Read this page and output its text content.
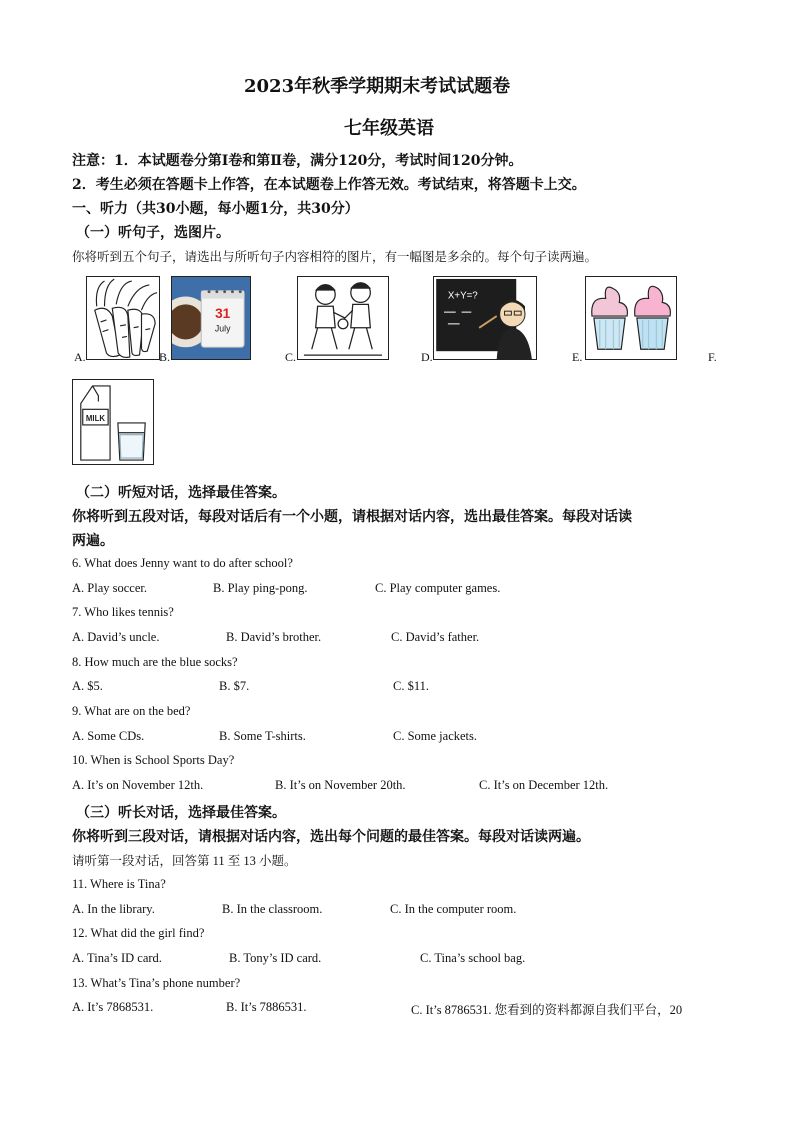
2023年秋季学期期末考试试题卷
七年级英语
注意：1．本试题卷分第Ⅰ卷和第Ⅱ卷，满分120分，考试时间120分钟。
2．考生必须在答题卡上作答，在本试题卷上作答无效。考试结束，将答题卡上交。
一、听力（共30小题，每小题1分，共30分）
（一）听句子，选图片。
你将听到五个句子，请选出与所听句子内容相符的图片，有一幅图是多余的。每个句子读两遍。
A.
31
July
B.	C.
X+Y=?
D.	E.	F.
MILK
（二）听短对话，选择最佳答案。
你将听到五段对话，每段对话后有一个小题，请根据对话内容，选出最佳答案。每段对话读
两遍。
6. What does Jenny want to do after school?
A. Play soccer.	B. Play ping-pong.	C. Play computer games.
7. Who likes tennis?
A. David’s uncle.	B. David’s brother.	C. David’s father.
8. How much are the blue socks?
A. $5.	B. $7.	C. $11.
9. What are on the bed?
A. Some CDs.	B. Some T-shirts.	C. Some jackets.
10. When is School Sports Day?
A. It’s on November 12th.	B. It’s on November 20th.	C. It’s on December 12th.
（三）听长对话，选择最佳答案。
你将听到三段对话，请根据对话内容，选出每个问题的最佳答案。每段对话读两遍。
请听第一段对话，回答第 11 至 13 小题。
11. Where is Tina?
A. In the library.	B. In the classroom.	C. In the computer room.
12. What did the girl find?
A. Tina’s ID card.	B. Tony’s ID card.	C. Tina’s school bag.
13. What’s Tina’s phone number?
A. It’s 7868531.	B. It’s 7886531.	C. It’s 8786531. 您看到的资料都源自我们平台，20
